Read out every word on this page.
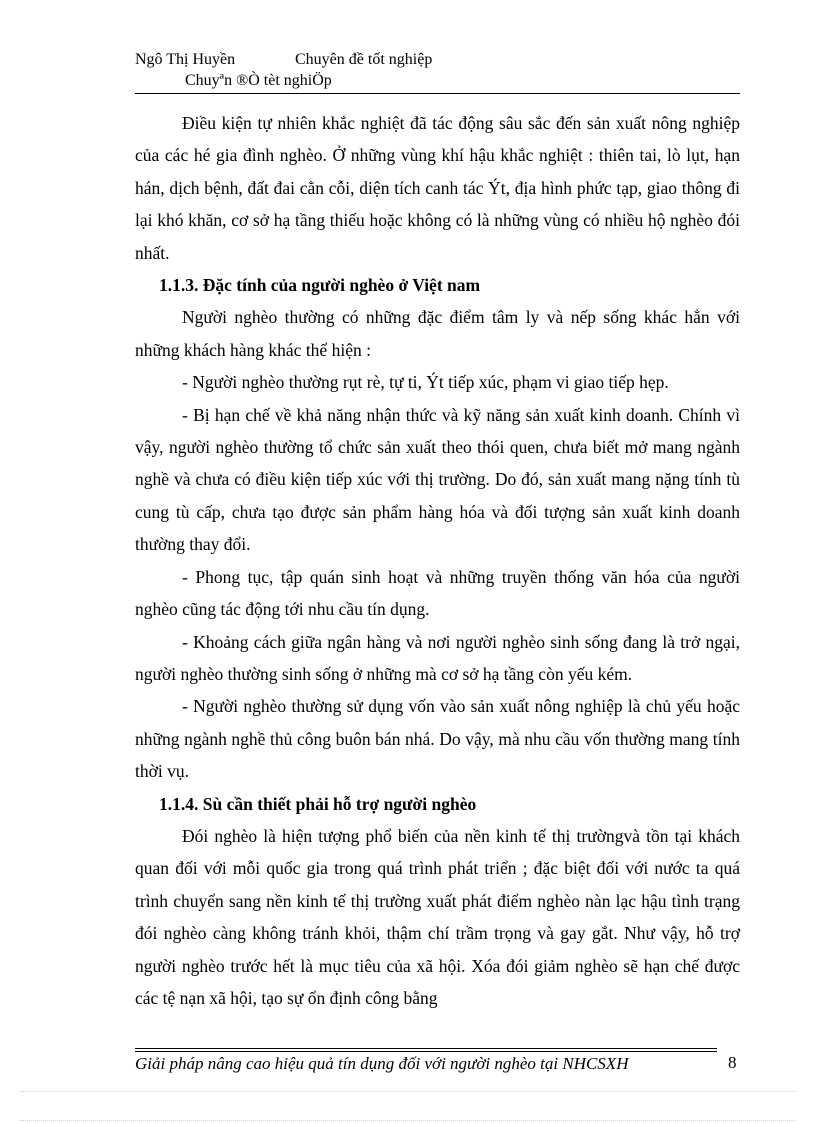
Ngô Thị Huyền	Chuyên đề tốt nghiệp
Chuyªn ®Ò tèt nghiÖp

Điều kiện tự nhiên khắc nghiệt đã tác động sâu sắc đến sản xuất nông nghiệp của các hé gia đình nghèo. Ở những vùng khí hậu khắc nghiệt : thiên tai, lò lụt, hạn hán, dịch bệnh, đất đai cằn cỗi, diện tích canh tác Ýt, địa hình phức tạp, giao thông đi lại khó khăn, cơ sở hạ tầng thiếu hoặc không có là những vùng có nhiều hộ nghèo đói nhất.

1.1.3. Đặc tính của người nghèo ở Việt nam

Người nghèo thường có những đặc điểm tâm ly và nếp sống khác hẳn với những khách hàng khác thể hiện :

- Người nghèo thường rụt rè, tự ti, Ýt tiếp xúc, phạm vi giao tiếp hẹp.

- Bị hạn chế về khả năng nhận thức và kỹ năng sản xuất kinh doanh. Chính vì vậy, người nghèo thường tổ chức sản xuất theo thói quen, chưa biết mở mang ngành nghề và chưa có điều kiện tiếp xúc với thị trường. Do đó, sản xuất mang nặng tính tù cung tù cấp, chưa tạo được sản phẩm hàng hóa và đối tượng sản xuất kinh doanh thường thay đổi.

- Phong tục, tập quán sinh hoạt và những truyền thống văn hóa của người nghèo cũng tác động tới nhu cầu tín dụng.

- Khoảng cách giữa ngân hàng và nơi người nghèo sinh sống đang là trở ngại, người nghèo thường sinh sống ở những mà cơ sở hạ tầng còn yếu kém.

- Người nghèo thường sử dụng vốn vào sản xuất nông nghiệp là chủ yếu hoặc những ngành nghề thủ công buôn bán nhá. Do vậy, mà nhu cầu vốn thường mang tính thời vụ.

1.1.4. Sù cần thiết phải hỗ trợ người nghèo

Đói nghèo là hiện tượng phổ biến của nền kinh tế thị trườngvà tồn tại khách quan đối với mỗi quốc gia trong quá trình phát triển ; đặc biệt đối với nước ta quá trình chuyển sang nền kinh tế thị trường xuất phát điểm nghèo nàn lạc hậu tình trạng đói nghèo càng không tránh khỏi, thậm chí trầm trọng và gay gắt. Như vậy, hỗ trợ người nghèo trước hết là mục tiêu của xã hội. Xóa đói giảm nghèo sẽ hạn chế được các tệ nạn xã hội, tạo sự ổn định công bằng

Giải pháp nâng cao hiệu quả tín dụng đối với người nghèo tại NHCSXH	8
